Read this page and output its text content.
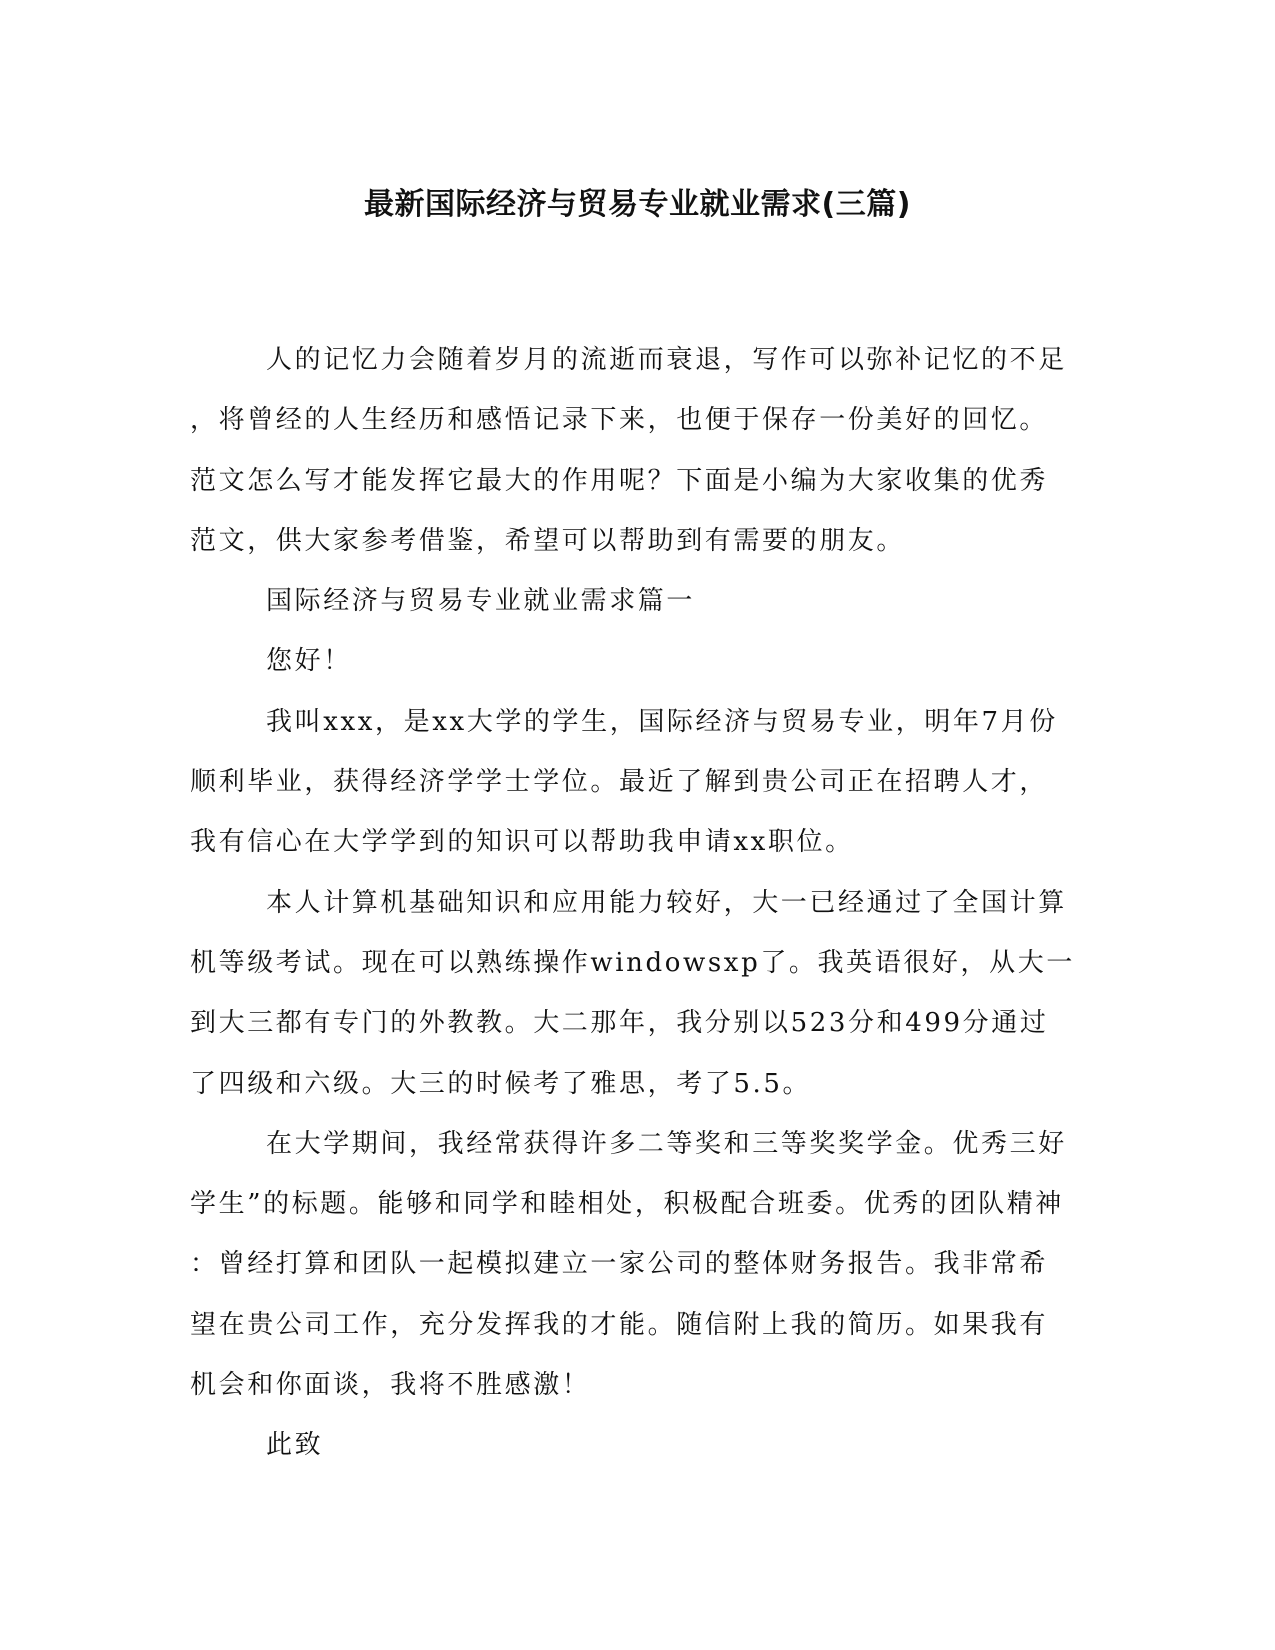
最新国际经济与贸易专业就业需求(三篇)

人的记忆力会随着岁月的流逝而衰退，写作可以弥补记忆的不足
，将曾经的人生经历和感悟记录下来，也便于保存一份美好的回忆。
范文怎么写才能发挥它最大的作用呢？下面是小编为大家收集的优秀
范文，供大家参考借鉴，希望可以帮助到有需要的朋友。

国际经济与贸易专业就业需求篇一

您好！

我叫xxx，是xx大学的学生，国际经济与贸易专业，明年7月份
顺利毕业，获得经济学学士学位。最近了解到贵公司正在招聘人才，
我有信心在大学学到的知识可以帮助我申请xx职位。

本人计算机基础知识和应用能力较好，大一已经通过了全国计算
机等级考试。现在可以熟练操作windowsxp了。我英语很好，从大一
到大三都有专门的外教教。大二那年，我分别以523分和499分通过
了四级和六级。大三的时候考了雅思，考了5.5。

在大学期间，我经常获得许多二等奖和三等奖奖学金。优秀三好
学生”的标题。能够和同学和睦相处，积极配合班委。优秀的团队精神
：曾经打算和团队一起模拟建立一家公司的整体财务报告。我非常希
望在贵公司工作，充分发挥我的才能。随信附上我的简历。如果我有
机会和你面谈，我将不胜感激！

此致
